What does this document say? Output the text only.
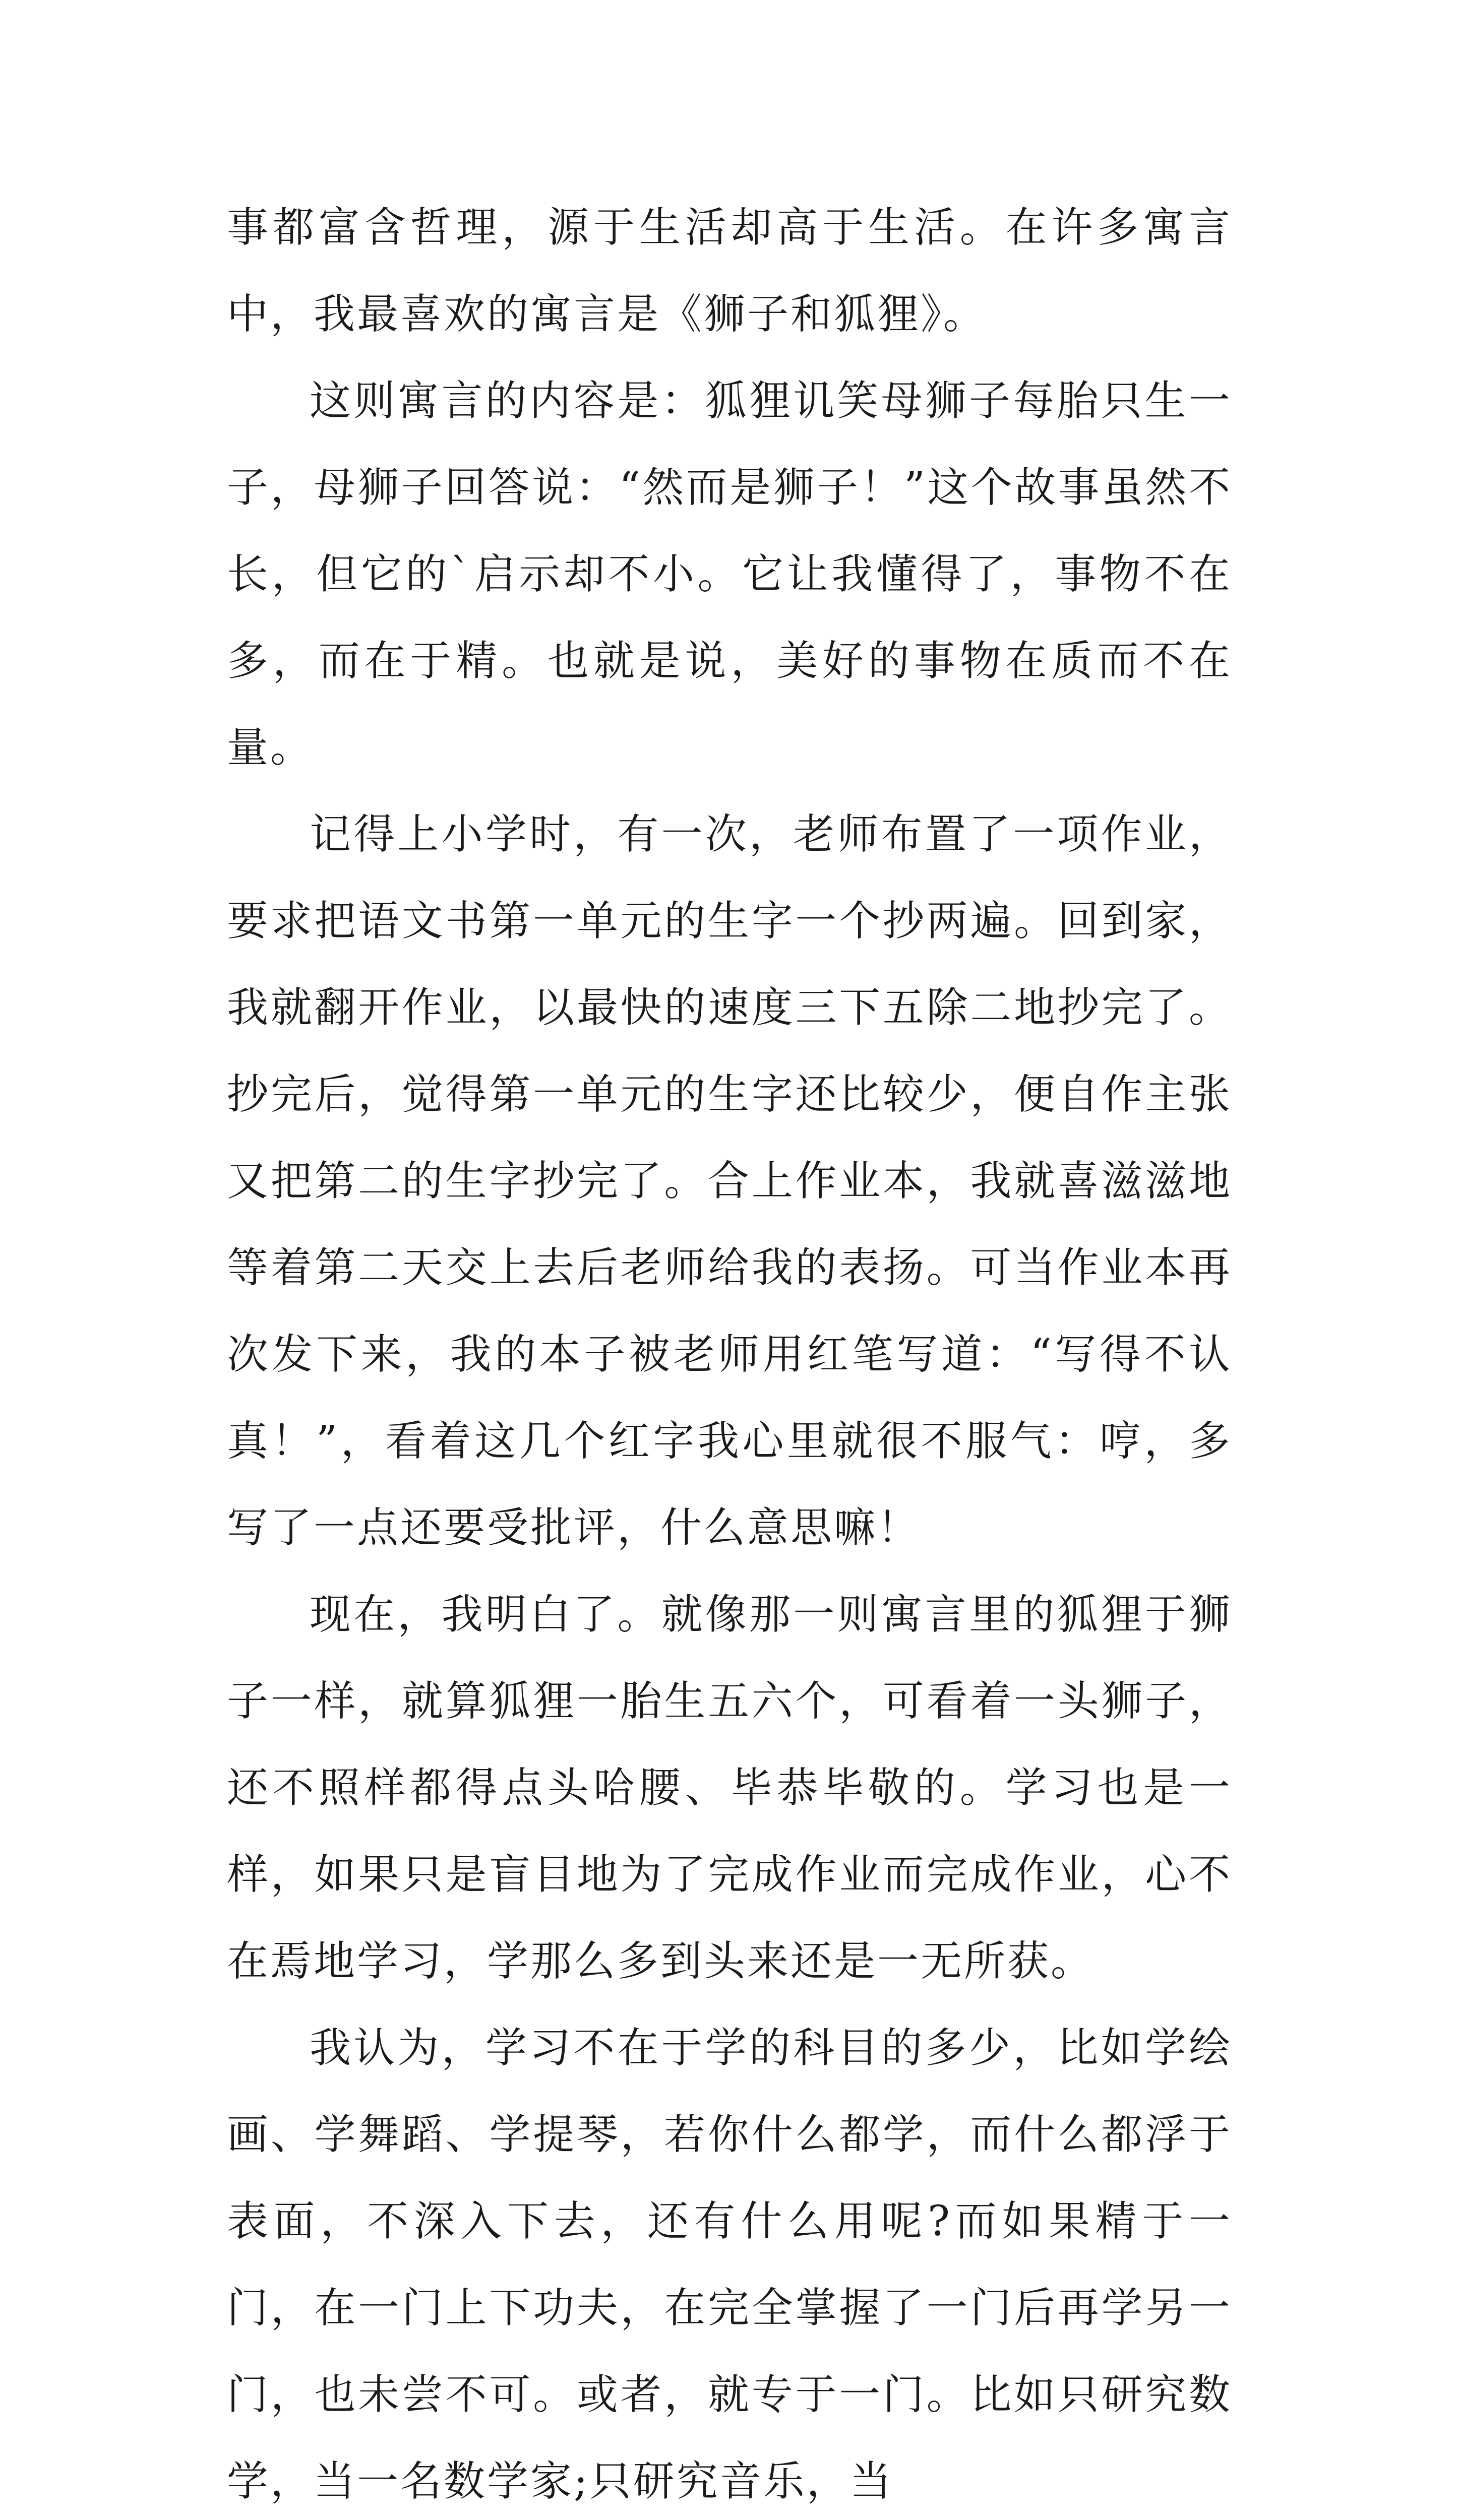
事都富含哲理，源于生活却高于生活。在许多寓言中，我最喜欢的寓言是《狮子和狐狸》。

这则寓言的内容是：狐狸讥笑母狮子每胎只生一子，母狮子回答说：“然而是狮子！”这个故事虽然不长，但它的`启示却不小。它让我懂得了，事物不在多，而在于精。也就是说，美好的事物在质而不在量。

记得上小学时，有一次，老师布置了一项作业，要求把语文书第一单元的生字一个抄两遍。回到家，我就翻开作业，以最快的速度三下五除二地抄完了。抄完后，觉得第一单元的生字还比较少，便自作主张又把第二的生字抄完了。合上作业本，我就喜滋滋地等着第二天交上去后老师给我的表扬。可当作业本再次发下来，我的本子被老师用红笔写道：“写得不认真！”，看着这几个红字我心里就很不服气：哼，多写了一点还要受批评，什么意思嘛！

现在，我明白了。就像那一则寓言里的狐狸于狮子一样，就算狐狸一胎生五六个，可看着一头狮子，还不照样都得点头哈腰、毕恭毕敬的。学习也是一样，如果只是盲目地为了完成作业而完成作业，心不在焉地学习，学那么多到头来还是一无所获。

我认为，学习不在于学的科目的多少，比如学绘画、学舞蹈、学提琴，若你什么都学，而什么都浮于表面，不深入下去，还有什么用呢?而如果精于一门，在一门上下功夫，在完全掌握了一门后再学另一门，也未尝不可。或者，就专于一门。比如只研究数学，当一名数学家;只研究音乐，当
